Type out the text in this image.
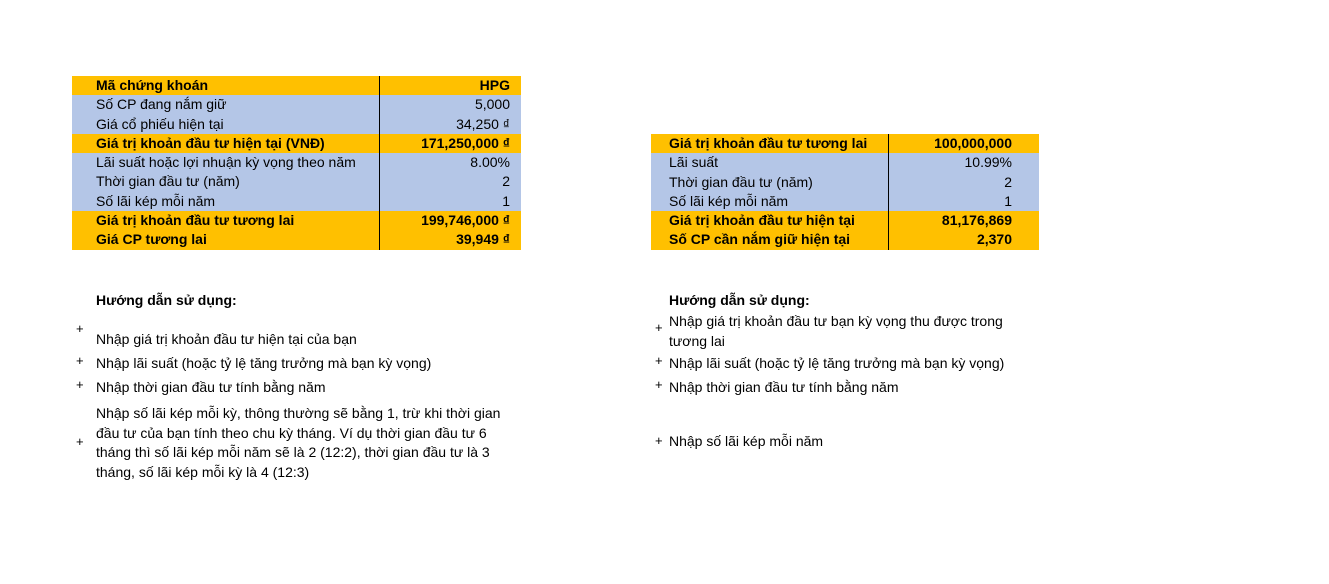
Mã chứng khoán	HPG
Số CP đang nắm giữ	5,000
Giá cổ phiếu hiện tại	34,250 ₫
Giá trị khoản đầu tư hiện tại (VNĐ)	171,250,000 ₫
Lãi suất hoặc lợi nhuận kỳ vọng theo năm	8.00%
Thời gian đầu tư (năm)	2
Số lãi kép mỗi năm	1
Giá trị khoản đầu tư tương lai	199,746,000 ₫
Giá CP tương lai	39,949 ₫
Giá trị khoản đầu tư tương lai	100,000,000
Lãi suất	10.99%
Thời gian đầu tư (năm)	2
Số lãi kép mỗi năm	1
Giá trị khoản đầu tư hiện tại	81,176,869
Số CP cần nắm giữ hiện tại	2,370
Hướng dẫn sử dụng:
+
Nhập giá trị khoản đầu tư hiện tại của bạn
+ Nhập lãi suất (hoặc tỷ lệ tăng trưởng mà bạn kỳ vọng)
+ Nhập thời gian đầu tư tính bằng năm
+
Nhập số lãi kép mỗi kỳ, thông thường sẽ bằng 1, trừ khi thời gian đầu tư của bạn tính theo chu kỳ tháng. Ví dụ thời gian đầu tư 6 tháng thì số lãi kép mỗi năm sẽ là 2 (12:2), thời gian đầu tư là 3 tháng, số lãi kép mỗi kỳ là 4 (12:3)
Hướng dẫn sử dụng:
+ Nhập giá trị khoản đầu tư bạn kỳ vọng thu được trong tương lai
+ Nhập lãi suất (hoặc tỷ lệ tăng trưởng mà bạn kỳ vọng)
+ Nhập thời gian đầu tư tính bằng năm
+ Nhập số lãi kép mỗi năm
